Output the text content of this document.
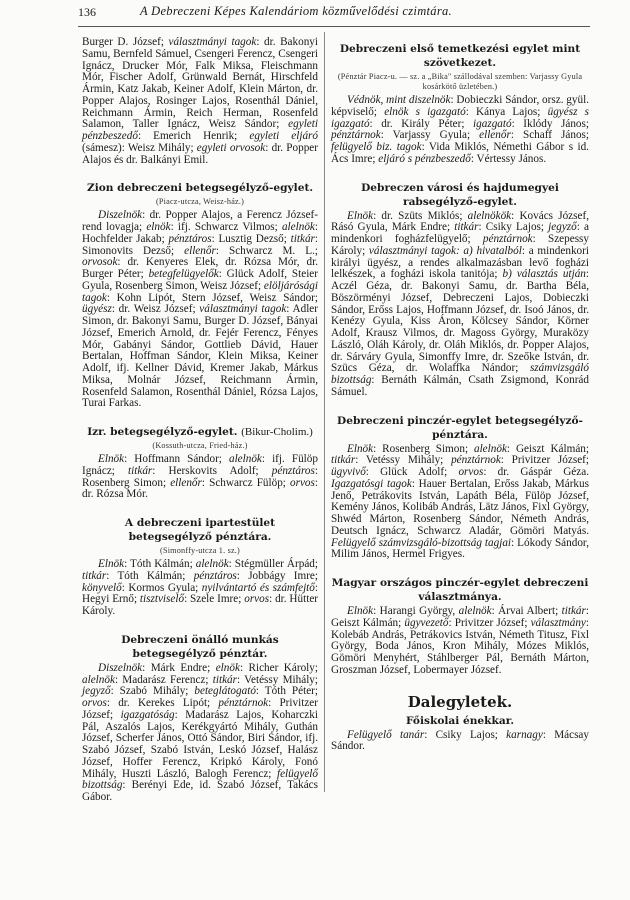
136	A Debreczeni Képes Kalendáriom közművelődési czimtára.

Burger D. József; választmányi tagok: dr. Bakonyi Samu, Bernfeld Sámuel, Csengeri Ferencz, Csengeri Ignácz, Drucker Mór, Falk Miksa, Fleischmann Mór, Fischer Adolf, Grünwald Bernát, Hirschfeld Ármin, Katz Jakab, Keiner Adolf, Klein Márton, dr. Popper Alajos, Rosinger Lajos, Rosenthál Dániel, Reichmann Ármin, Reich Herman, Rosenfeld Salamon, Taller Ignácz, Weisz Sándor; egyleti pénzbeszedő: Emerich Henrik; egyleti eljáró (sámesz): Weisz Mihály; egyleti orvosok: dr. Popper Alajos és dr. Balkányi Emil.

Zion debreczeni betegsegélyző-egylet.
(Piacz-utcza, Weisz-ház.)

Diszelnök: dr. Popper Alajos, a Ferencz József-rend lovagja; elnök: ifj. Schwarcz Vilmos; alelnök: Hochfelder Jakab; pénztáros: Lusztig Dezső; titkár: Simonovits Dezső; ellenőr: Schwarcz M. L.; orvosok: dr. Kenyeres Elek, dr. Rózsa Mór, dr. Burger Péter; betegfelügyelők: Glück Adolf, Steier Gyula, Rosenberg Simon, Weisz József; elöljárósági tagok: Kohn Lipót, Stern József, Weisz Sándor; ügyész: dr. Weisz József; választmányi tagok: Adler Simon, dr. Bakonyi Samu, Burger D. József, Bányai József, Emerich Arnold, dr. Fejér Ferencz, Fényes Mór, Gabányi Sándor, Gottlieb Dávid, Hauer Bertalan, Hoffman Sándor, Klein Miksa, Keiner Adolf, ifj. Kellner Dávid, Kremer Jakab, Márkus Miksa, Molnár József, Reichmann Ármin, Rosenfeld Salamon, Rosenthál Dániel, Rózsa Lajos, Turai Farkas.

Izr. betegsegélyző-egylet. (Bikur-Cholim.)
(Kossuth-utcza, Fried-ház.)

Elnök: Hoffmann Sándor; alelnök: ifj. Fülöp Ignácz; titkár: Herskovits Adolf; pénztáros: Rosenberg Simon; ellenőr: Schwarcz Fülöp; orvos: dr. Rózsa Mór.

A debreczeni ipartestület betegsegélyző pénztára.
(Simonffy-utcza 1. sz.)

Elnök: Tóth Kálmán; alelnök: Stégmüller Árpád; titkár: Tóth Kálmán; pénztáros: Jobbágy Imre; könyvelő: Kormos Gyula; nyilvántartó és számfejtő: Hegyi Ernő; tisztviselő: Szele Imre; orvos: dr. Hütter Károly.

Debreczeni önálló munkás betegsegélyző pénztár.

Diszelnök: Márk Endre; elnök: Richer Károly; alelnök: Madarász Ferencz; titkár: Vetéssy Mihály; jegyző: Szabó Mihály; beteglátogató: Tóth Péter; orvos: dr. Kerekes Lipót; pénztárnok: Privitzer József; igazgatóság: Madarász Lajos, Koharczki Pál, Aszalós Lajos, Kerékgyártó Mihály, Guthán József, Scherfer János, Ottó Sándor, Biri Sándor, ifj. Szabó József, Szabó István, Leskó József, Halász József, Hoffer Ferencz, Kripkó Károly, Fonó Mihály, Huszti László, Balogh Ferencz; felügyelő bizottság: Berényi Ede, id. Szabó József, Takács Gábor.

Debreczeni első temetkezési egylet mint szövetkezet.
(Pénztár Piacz-u. — sz. a „Bika" szállodával szemben: Varjassy Gyula kosárkötő üzletében.)

Védnök, mint diszelnök: Dobieczki Sándor, orsz. gyül. képviselő; elnök s igazgató: Kánya Lajos; ügyész s igazgató: dr. Király Péter; igazgató: Iklódy János; pénztárnok: Varjassy Gyula; ellenőr: Schaff János; felügyelő biz. tagok: Vida Miklós, Némethi Gábor s id. Ács Imre; eljáró s pénzbeszedő: Vértessy János.

Debreczen városi és hajdumegyei rabsegélyző-egylet.

Elnök: dr. Szüts Miklós; alelnökök: Kovács József, Rásó Gyula, Márk Endre; titkár: Csiky Lajos; jegyző: a mindenkori fogházfelügyelő; pénztárnok: Szepessy Károly; választmányi tagok: a) hivatalból: a mindenkori királyi ügyész, a rendes alkalmazásban levő fogházi lelkészek, a fogházi iskola tanitója; b) választás utján: Aczél Géza, dr. Bakonyi Samu, dr. Bartha Béla, Böszörményi József, Debreczeni Lajos, Dobieczki Sándor, Erőss Lajos, Hoffmann József, dr. Isoó János, dr. Kenézy Gyula, Kiss Áron, Kölcsey Sándor, Körner Adolf, Krausz Vilmos, dr. Magoss György, Muraközy László, Oláh Károly, dr. Oláh Miklós, dr. Popper Alajos, dr. Sárváry Gyula, Simonffy Imre, dr. Szeőke István, dr. Szücs Géza, dr. Wolaffka Nándor; számvizsgáló bizottság: Bernáth Kálmán, Csath Zsigmond, Konrád Sámuel.

Debreczeni pinczér-egylet betegsegélyző-pénztára.

Elnök: Rosenberg Simon; alelnök: Geiszt Kálmán; titkár: Vetéssy Mihály; pénztárnok: Privitzer József; ügyvivő: Glück Adolf; orvos: dr. Gáspár Géza. Igazgatósgi tagok: Hauer Bertalan, Erőss Jakab, Márkus Jenő, Petrákovits István, Lapáth Béla, Fülöp József, Kemény János, Kolibáb András, Lätz János, Fixl György, Shwéd Márton, Rosenberg Sándor, Németh András, Deutsch Ignácz, Schwarcz Aladár, Gömöri Matyás. Felügyelő számvizsgáló-bizottság tagjai: Lókody Sándor, Milim János, Hermel Frigyes.

Magyar országos pinczér-egylet debreczeni választmánya.

Elnök: Harangi György, alelnök: Árvai Albert; titkár: Geiszt Kálmán; ügyvezető: Privitzer József; választmány: Kolebáb András, Petrákovics István, Németh Titusz, Fixl György, Boda János, Kron Mihály, Mózes Miklós, Gömöri Menyhért, Stáhlberger Pál, Bernáth Márton, Groszman József, Lobermayer József.

Dalegyletek.
Főiskolai énekkar.

Felügyelő tanár: Csiky Lajos; karnagy: Mácsay Sándor.
